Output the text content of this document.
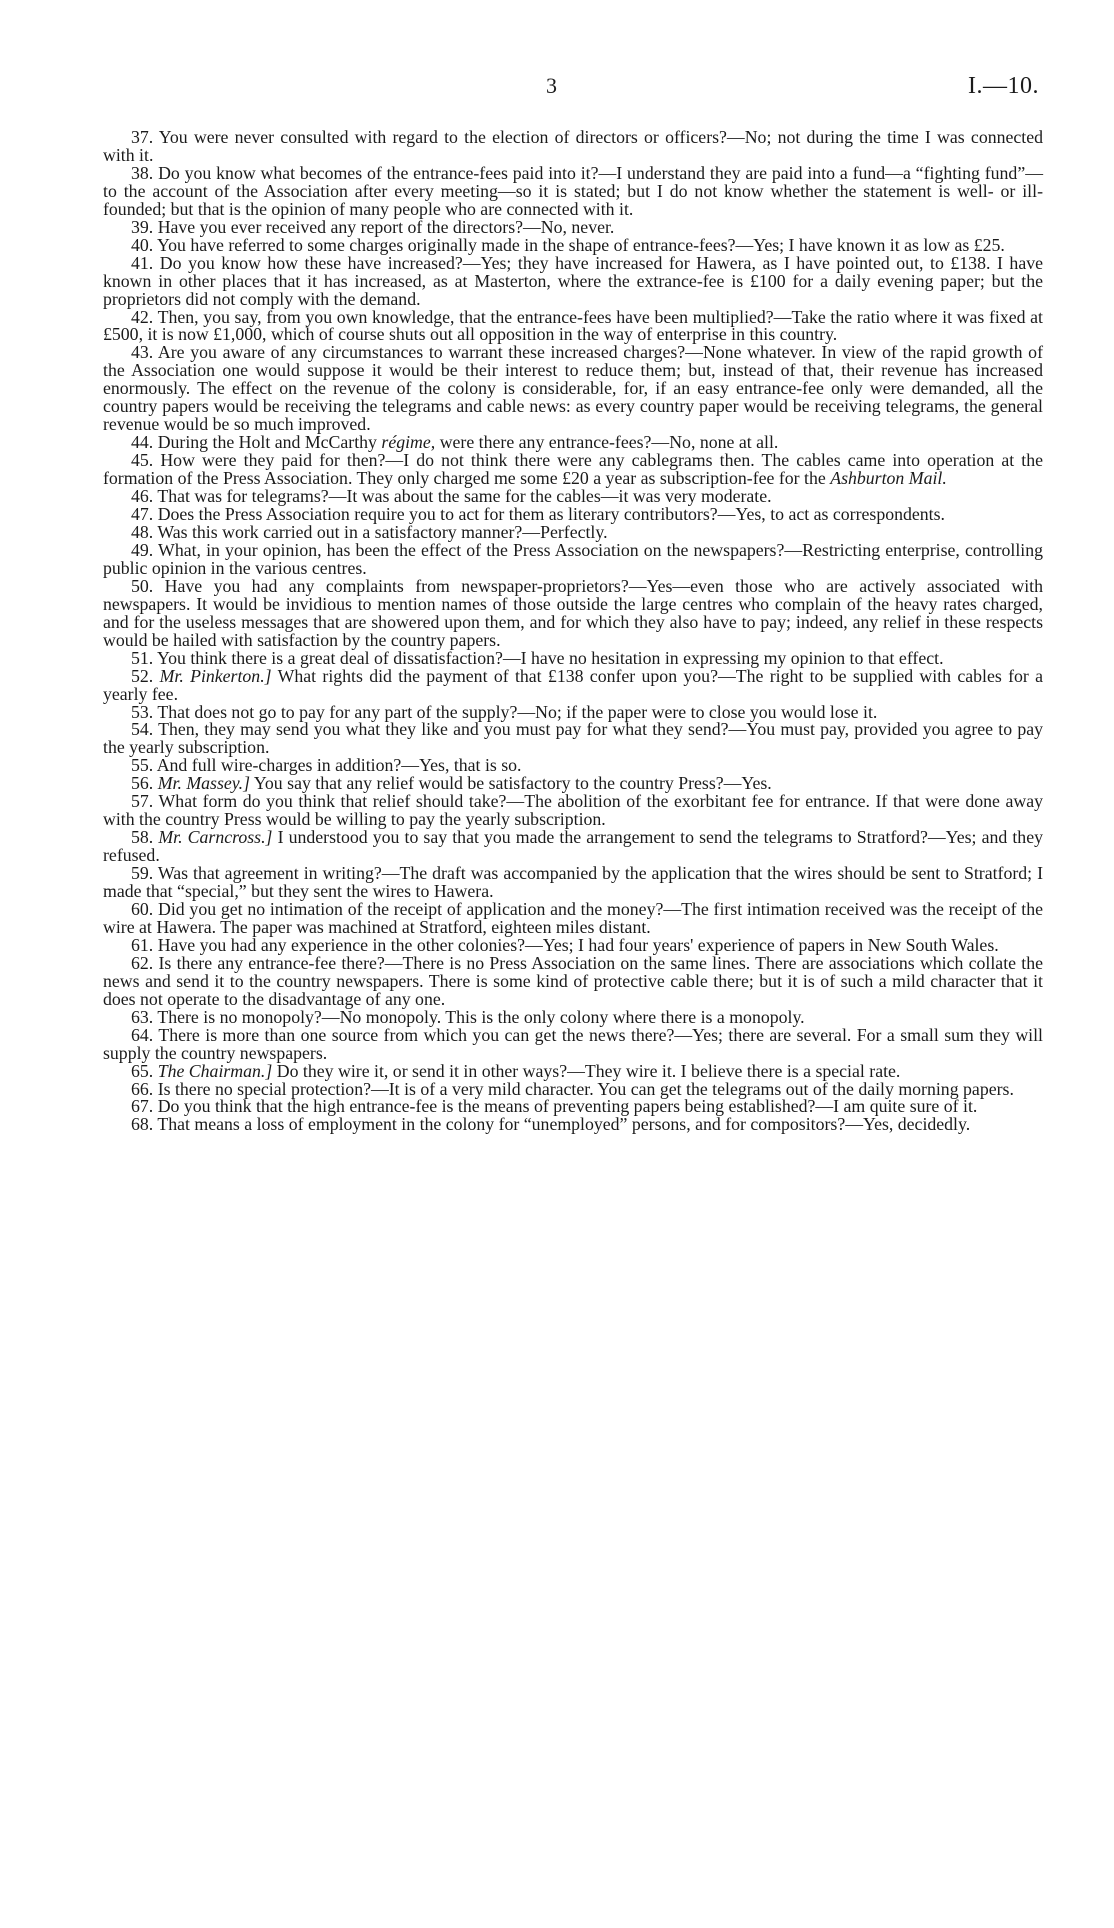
3	I.—10.

37. You were never consulted with regard to the election of directors or officers?—No; not during the time I was connected with it.

38. Do you know what becomes of the entrance-fees paid into it?—I understand they are paid into a fund—a “fighting fund”—to the account of the Association after every meeting—so it is stated; but I do not know whether the statement is well- or ill-founded; but that is the opinion of many people who are connected with it.

39. Have you ever received any report of the directors?—No, never.

40. You have referred to some charges originally made in the shape of entrance-fees?—Yes; I have known it as low as £25.

41. Do you know how these have increased?—Yes; they have increased for Hawera, as I have pointed out, to £138. I have known in other places that it has increased, as at Masterton, where the extrance-fee is £100 for a daily evening paper; but the proprietors did not comply with the demand.

42. Then, you say, from you own knowledge, that the entrance-fees have been multiplied?—Take the ratio where it was fixed at £500, it is now £1,000, which of course shuts out all opposition in the way of enterprise in this country.

43. Are you aware of any circumstances to warrant these increased charges?—None whatever. In view of the rapid growth of the Association one would suppose it would be their interest to reduce them; but, instead of that, their revenue has increased enormously. The effect on the revenue of the colony is considerable, for, if an easy entrance-fee only were demanded, all the country papers would be receiving the telegrams and cable news: as every country paper would be receiving telegrams, the general revenue would be so much improved.

44. During the Holt and McCarthy régime, were there any entrance-fees?—No, none at all.

45. How were they paid for then?—I do not think there were any cablegrams then. The cables came into operation at the formation of the Press Association. They only charged me some £20 a year as subscription-fee for the Ashburton Mail.

46. That was for telegrams?—It was about the same for the cables—it was very moderate.

47. Does the Press Association require you to act for them as literary contributors?—Yes, to act as correspondents.

48. Was this work carried out in a satisfactory manner?—Perfectly.

49. What, in your opinion, has been the effect of the Press Association on the newspapers?—Restricting enterprise, controlling public opinion in the various centres.

50. Have you had any complaints from newspaper-proprietors?—Yes—even those who are actively associated with newspapers. It would be invidious to mention names of those outside the large centres who complain of the heavy rates charged, and for the useless messages that are showered upon them, and for which they also have to pay; indeed, any relief in these respects would be hailed with satisfaction by the country papers.

51. You think there is a great deal of dissatisfaction?—I have no hesitation in expressing my opinion to that effect.

52. Mr. Pinkerton.] What rights did the payment of that £138 confer upon you?—The right to be supplied with cables for a yearly fee.

53. That does not go to pay for any part of the supply?—No; if the paper were to close you would lose it.

54. Then, they may send you what they like and you must pay for what they send?—You must pay, provided you agree to pay the yearly subscription.

55. And full wire-charges in addition?—Yes, that is so.

56. Mr. Massey.] You say that any relief would be satisfactory to the country Press?—Yes.

57. What form do you think that relief should take?—The abolition of the exorbitant fee for entrance. If that were done away with the country Press would be willing to pay the yearly subscription.

58. Mr. Carncross.] I understood you to say that you made the arrangement to send the telegrams to Stratford?—Yes; and they refused.

59. Was that agreement in writing?—The draft was accompanied by the application that the wires should be sent to Stratford; I made that “special,” but they sent the wires to Hawera.

60. Did you get no intimation of the receipt of application and the money?—The first intimation received was the receipt of the wire at Hawera. The paper was machined at Stratford, eighteen miles distant.

61. Have you had any experience in the other colonies?—Yes; I had four years' experience of papers in New South Wales.

62. Is there any entrance-fee there?—There is no Press Association on the same lines. There are associations which collate the news and send it to the country newspapers. There is some kind of protective cable there; but it is of such a mild character that it does not operate to the disadvantage of any one.

63. There is no monopoly?—No monopoly. This is the only colony where there is a monopoly.

64. There is more than one source from which you can get the news there?—Yes; there are several. For a small sum they will supply the country newspapers.

65. The Chairman.] Do they wire it, or send it in other ways?—They wire it. I believe there is a special rate.

66. Is there no special protection?—It is of a very mild character. You can get the telegrams out of the daily morning papers.

67. Do you think that the high entrance-fee is the means of preventing papers being established?—I am quite sure of it.

68. That means a loss of employment in the colony for “unemployed” persons, and for compositors?—Yes, decidedly.
